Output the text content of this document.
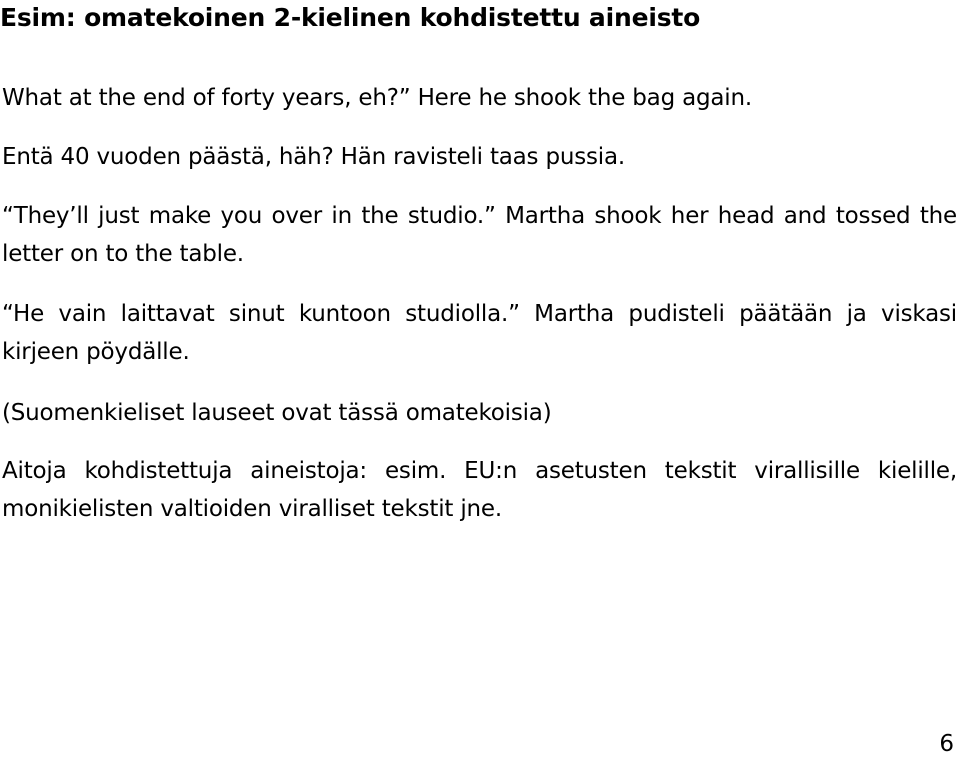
Esim: omatekoinen 2-kielinen kohdistettu aineisto

What at the end of forty years, eh?” Here he shook the bag again.

Entä 40 vuoden päästä, häh? Hän ravisteli taas pussia.

“They’ll just make you over in the studio.” Martha shook her head and tossed the letter on to the table.

“He vain laittavat sinut kuntoon studiolla.” Martha pudisteli päätään ja viskasi kirjeen pöydälle.

(Suomenkieliset lauseet ovat tässä omatekoisia)

Aitoja kohdistettuja aineistoja: esim. EU:n asetusten tekstit virallisille kielille, monikielisten valtioiden viralliset tekstit jne.

6
